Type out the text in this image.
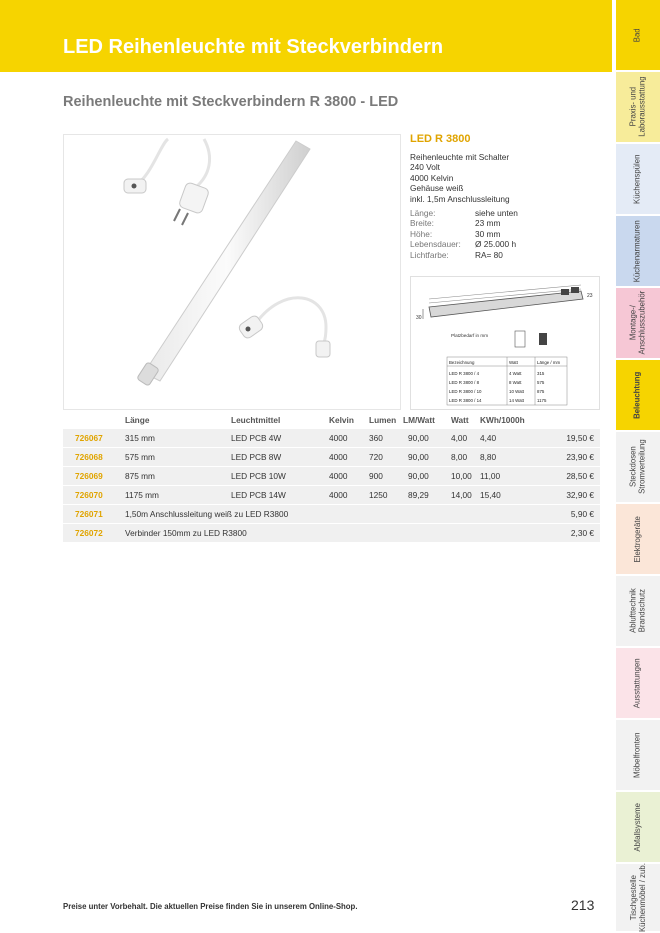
LED Reihenleuchte mit Steckverbindern
Reihenleuchte mit Steckverbindern R 3800 - LED
LED R 3800
Reihenleuchte mit Schalter
240 Volt
4000 Kelvin
Gehäuse weiß
inkl. 1,5m Anschlussleitung
Länge:	siehe unten
Breite:	23 mm
Höhe:	30 mm
Lebensdauer:	Ø 25.000 h
Lichtfarbe:	RA= 80
30
23
Platzbedarf in mm
Bezeichnung	Watt	Länge / mm
LED R 3800 / 4	4 Watt	315
LED R 3800 / 8	8 Watt	575
LED R 3800 / 10	10 Watt	875
LED R 3800 / 14	14 Watt	1175
Länge	Leuchtmittel	Kelvin Lumen LM/Watt Watt KWh/1000h
726067	315 mm	LED PCB 4W	4000	360	90,00	4,00 4,40	19,50 €
726068	575 mm	LED PCB 8W	4000	720	90,00	8,00 8,80	23,90 €
726069	875 mm	LED PCB 10W	4000	900	90,00	10,00 11,00	28,50 €
726070	1175 mm	LED PCB 14W	4000	1250 89,29	14,00 15,40	32,90 €
726071	1,50m Anschlussleitung weiß zu LED R3800	5,90 €
726072	Verbinder 150mm zu LED R3800	2,30 €
Preise unter Vorbehalt. Die aktuellen Preise finden Sie in unserem Online-Shop.	213
Bad
Praxis- und
Laborausstattung
Küchenspülen
Küchenarmaturen
Montage-/
Anschlusszubehör
Beleuchtung
Steckdosen
Stromverteilung
Elektrogeräte
Ablufttechnik
Brandschutz
Ausstattungen
Möbelfronten
Abfallsysteme
Tischgestelle
Küchenmöbel / zub.
